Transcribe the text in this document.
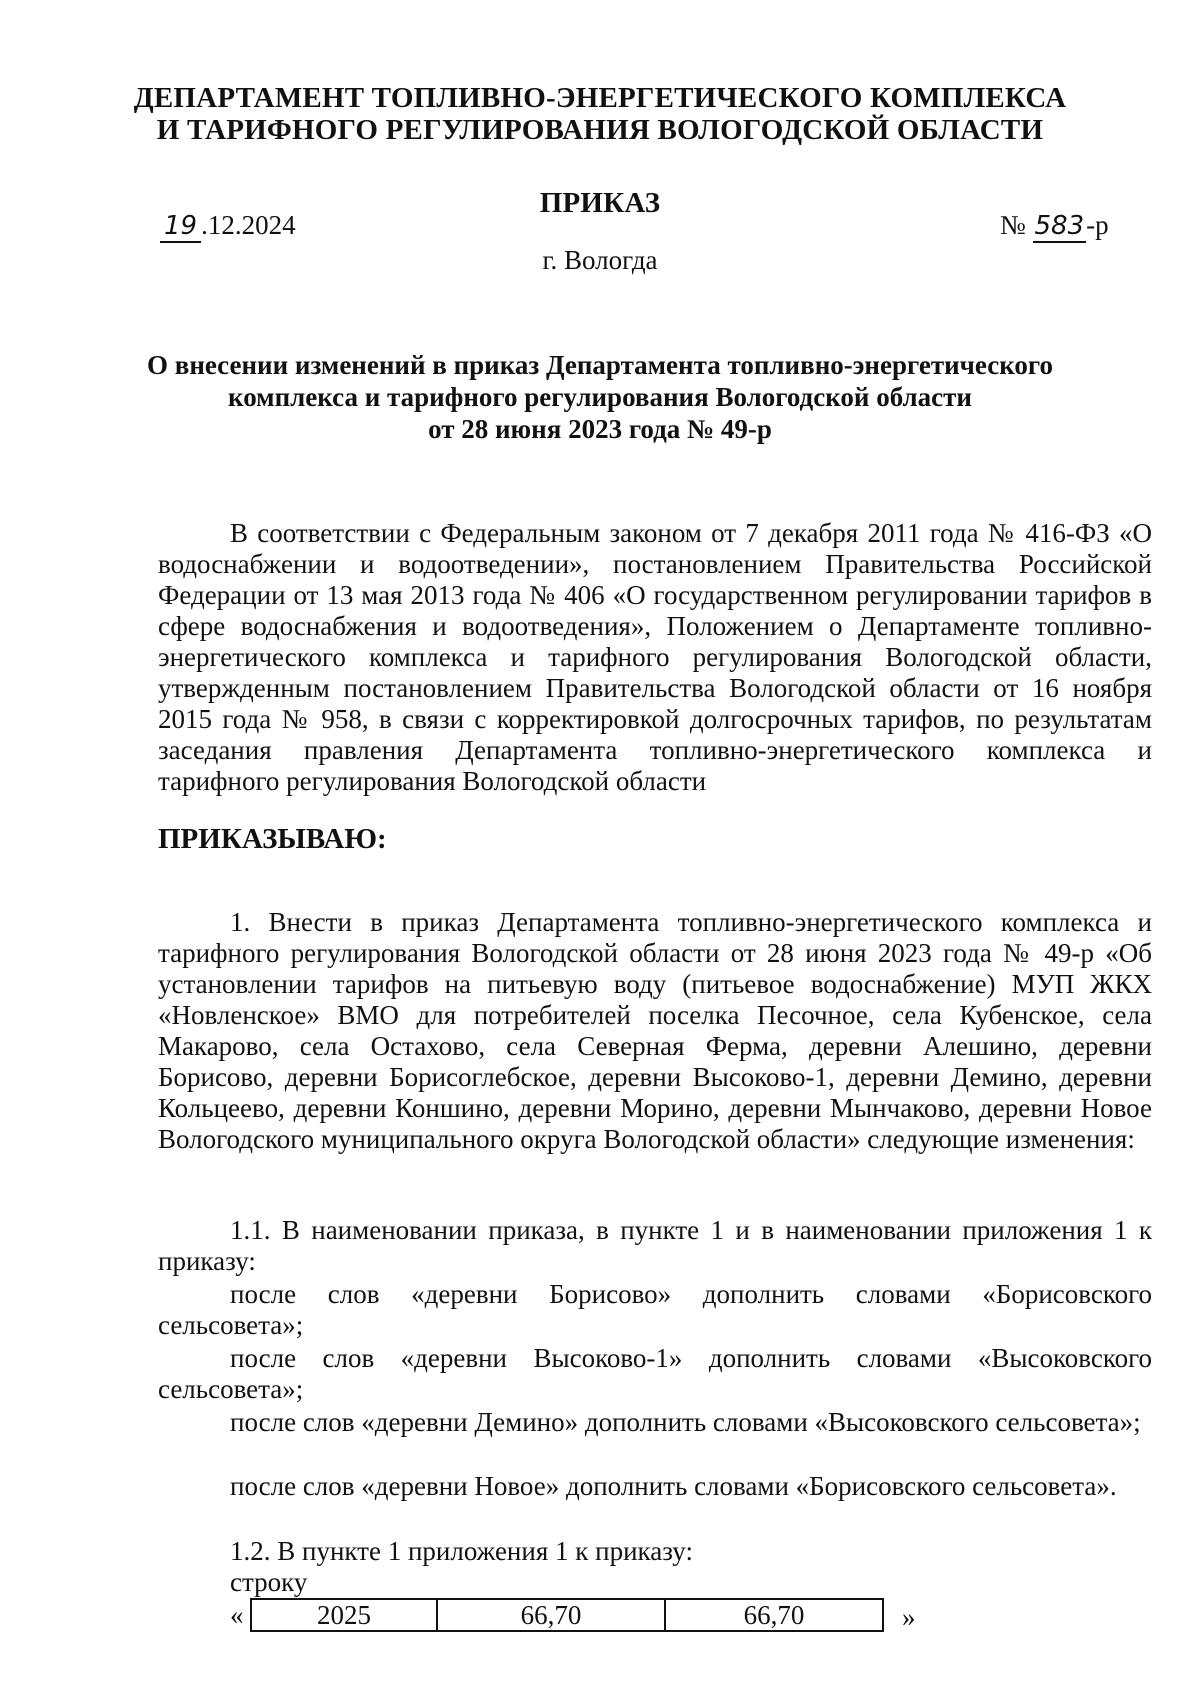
ДЕПАРТАМЕНТ ТОПЛИВНО-ЭНЕРГЕТИЧЕСКОГО КОМПЛЕКСА
И ТАРИФНОГО РЕГУЛИРОВАНИЯ ВОЛОГОДСКОЙ ОБЛАСТИ
ПРИКАЗ
19 .12.2024	№ 583-р
г. Вологда
О внесении изменений в приказ Департамента топливно-энергетического
комплекса и тарифного регулирования Вологодской области
от 28 июня 2023 года № 49-р
В соответствии с Федеральным законом от 7 декабря 2011 года № 416-ФЗ «О водоснабжении и водоотведении», постановлением Правительства Российской Федерации от 13 мая 2013 года № 406 «О государственном регулировании тарифов в сфере водоснабжения и водоотведения», Положением о Департаменте топливно-энергетического комплекса и тарифного регулирования Вологодской области, утвержденным постановлением Правительства Вологодской области от 16 ноября 2015 года № 958, в связи с корректировкой долгосрочных тарифов, по результатам заседания правления Департамента топливно-энергетического комплекса и тарифного регулирования Вологодской области
ПРИКАЗЫВАЮ:
1. Внести в приказ Департамента топливно-энергетического комплекса и тарифного регулирования Вологодской области от 28 июня 2023 года № 49-р «Об установлении тарифов на питьевую воду (питьевое водоснабжение) МУП ЖКХ «Новленское» ВМО для потребителей поселка Песочное, села Кубенское, села Макарово, села Остахово, села Северная Ферма, деревни Алешино, деревни Борисово, деревни Борисоглебское, деревни Высоково-1, деревни Демино, деревни Кольцеево, деревни Коншино, деревни Морино, деревни Мынчаково, деревни Новое Вологодского муниципального округа Вологодской области» следующие изменения:
1.1. В наименовании приказа, в пункте 1 и в наименовании приложения 1 к приказу:
после слов «деревни Борисово» дополнить словами «Борисовского сельсовета»;
после слов «деревни Высоково-1» дополнить словами «Высоковского сельсовета»;
после слов «деревни Демино» дополнить словами «Высоковского сельсовета»;
после слов «деревни Новое» дополнить словами «Борисовского сельсовета».
1.2. В пункте 1 приложения 1 к приказу:
строку
«	2025	66,70	66,70	»
